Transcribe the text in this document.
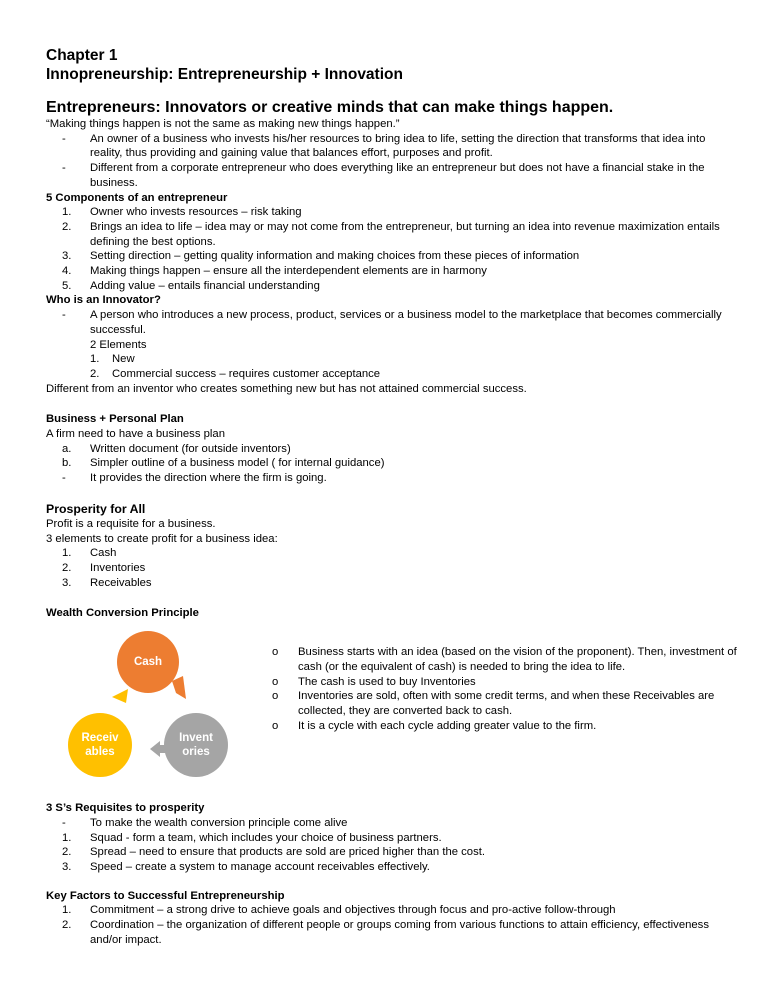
Chapter 1
Innopreneurship: Entrepreneurship + Innovation
Entrepreneurs: Innovators or creative minds that can make things happen.

“Making things happen is not the same as making new things happen.”

- An owner of a business who invests his/her resources to bring idea to life, setting the direction that transforms that idea into reality, thus providing and gaining value that balances effort, purposes and profit.
- Different from a corporate entrepreneur who does everything like an entrepreneur but does not have a financial stake in the business.

5 Components of an entrepreneur

1. Owner who invests resources – risk taking
2. Brings an idea to life – idea may or may not come from the entrepreneur, but turning an idea into revenue maximization entails defining the best options.
3. Setting direction – getting quality information and making choices from these pieces of information
4. Making things happen – ensure all the interdependent elements are in harmony
5. Adding value – entails financial understanding

Who is an Innovator?

- A person who introduces a new process, product, services or a business model to the marketplace that becomes commercially successful.

2 Elements

1. New
2. Commercial success – requires customer acceptance

Different from an inventor who creates something new but has not attained commercial success.

Business + Personal Plan

A firm need to have a business plan

a. Written document (for outside inventors)
b. Simpler outline of a business model ( for internal guidance)
- It provides the direction where the firm is going.

Prosperity for All

Profit is a requisite for a business.

3 elements to create profit for a business idea:

1. Cash
2. Inventories
3. Receivables

Wealth Conversion Principle

Cash
Invent
ories
Receiv
ables
o Business starts with an idea (based on the vision of the proponent). Then, investment of cash (or the equivalent of cash) is needed to bring the idea to life.
o The cash is used to buy Inventories
o Inventories are sold, often with some credit terms, and when these Receivables are collected, they are converted back to cash.
o It is a cycle with each cycle adding greater value to the firm.

3 S’s Requisites to prosperity

- To make the wealth conversion principle come alive
1. Squad - form a team, which includes your choice of business partners.
2. Spread – need to ensure that products are sold are priced higher than the cost.
3. Speed – create a system to manage account receivables effectively.

Key Factors to Successful Entrepreneurship

1. Commitment – a strong drive to achieve goals and objectives through focus and pro-active follow-through
2. Coordination – the organization of different people or groups coming from various functions to attain efficiency, effectiveness and/or impact.
